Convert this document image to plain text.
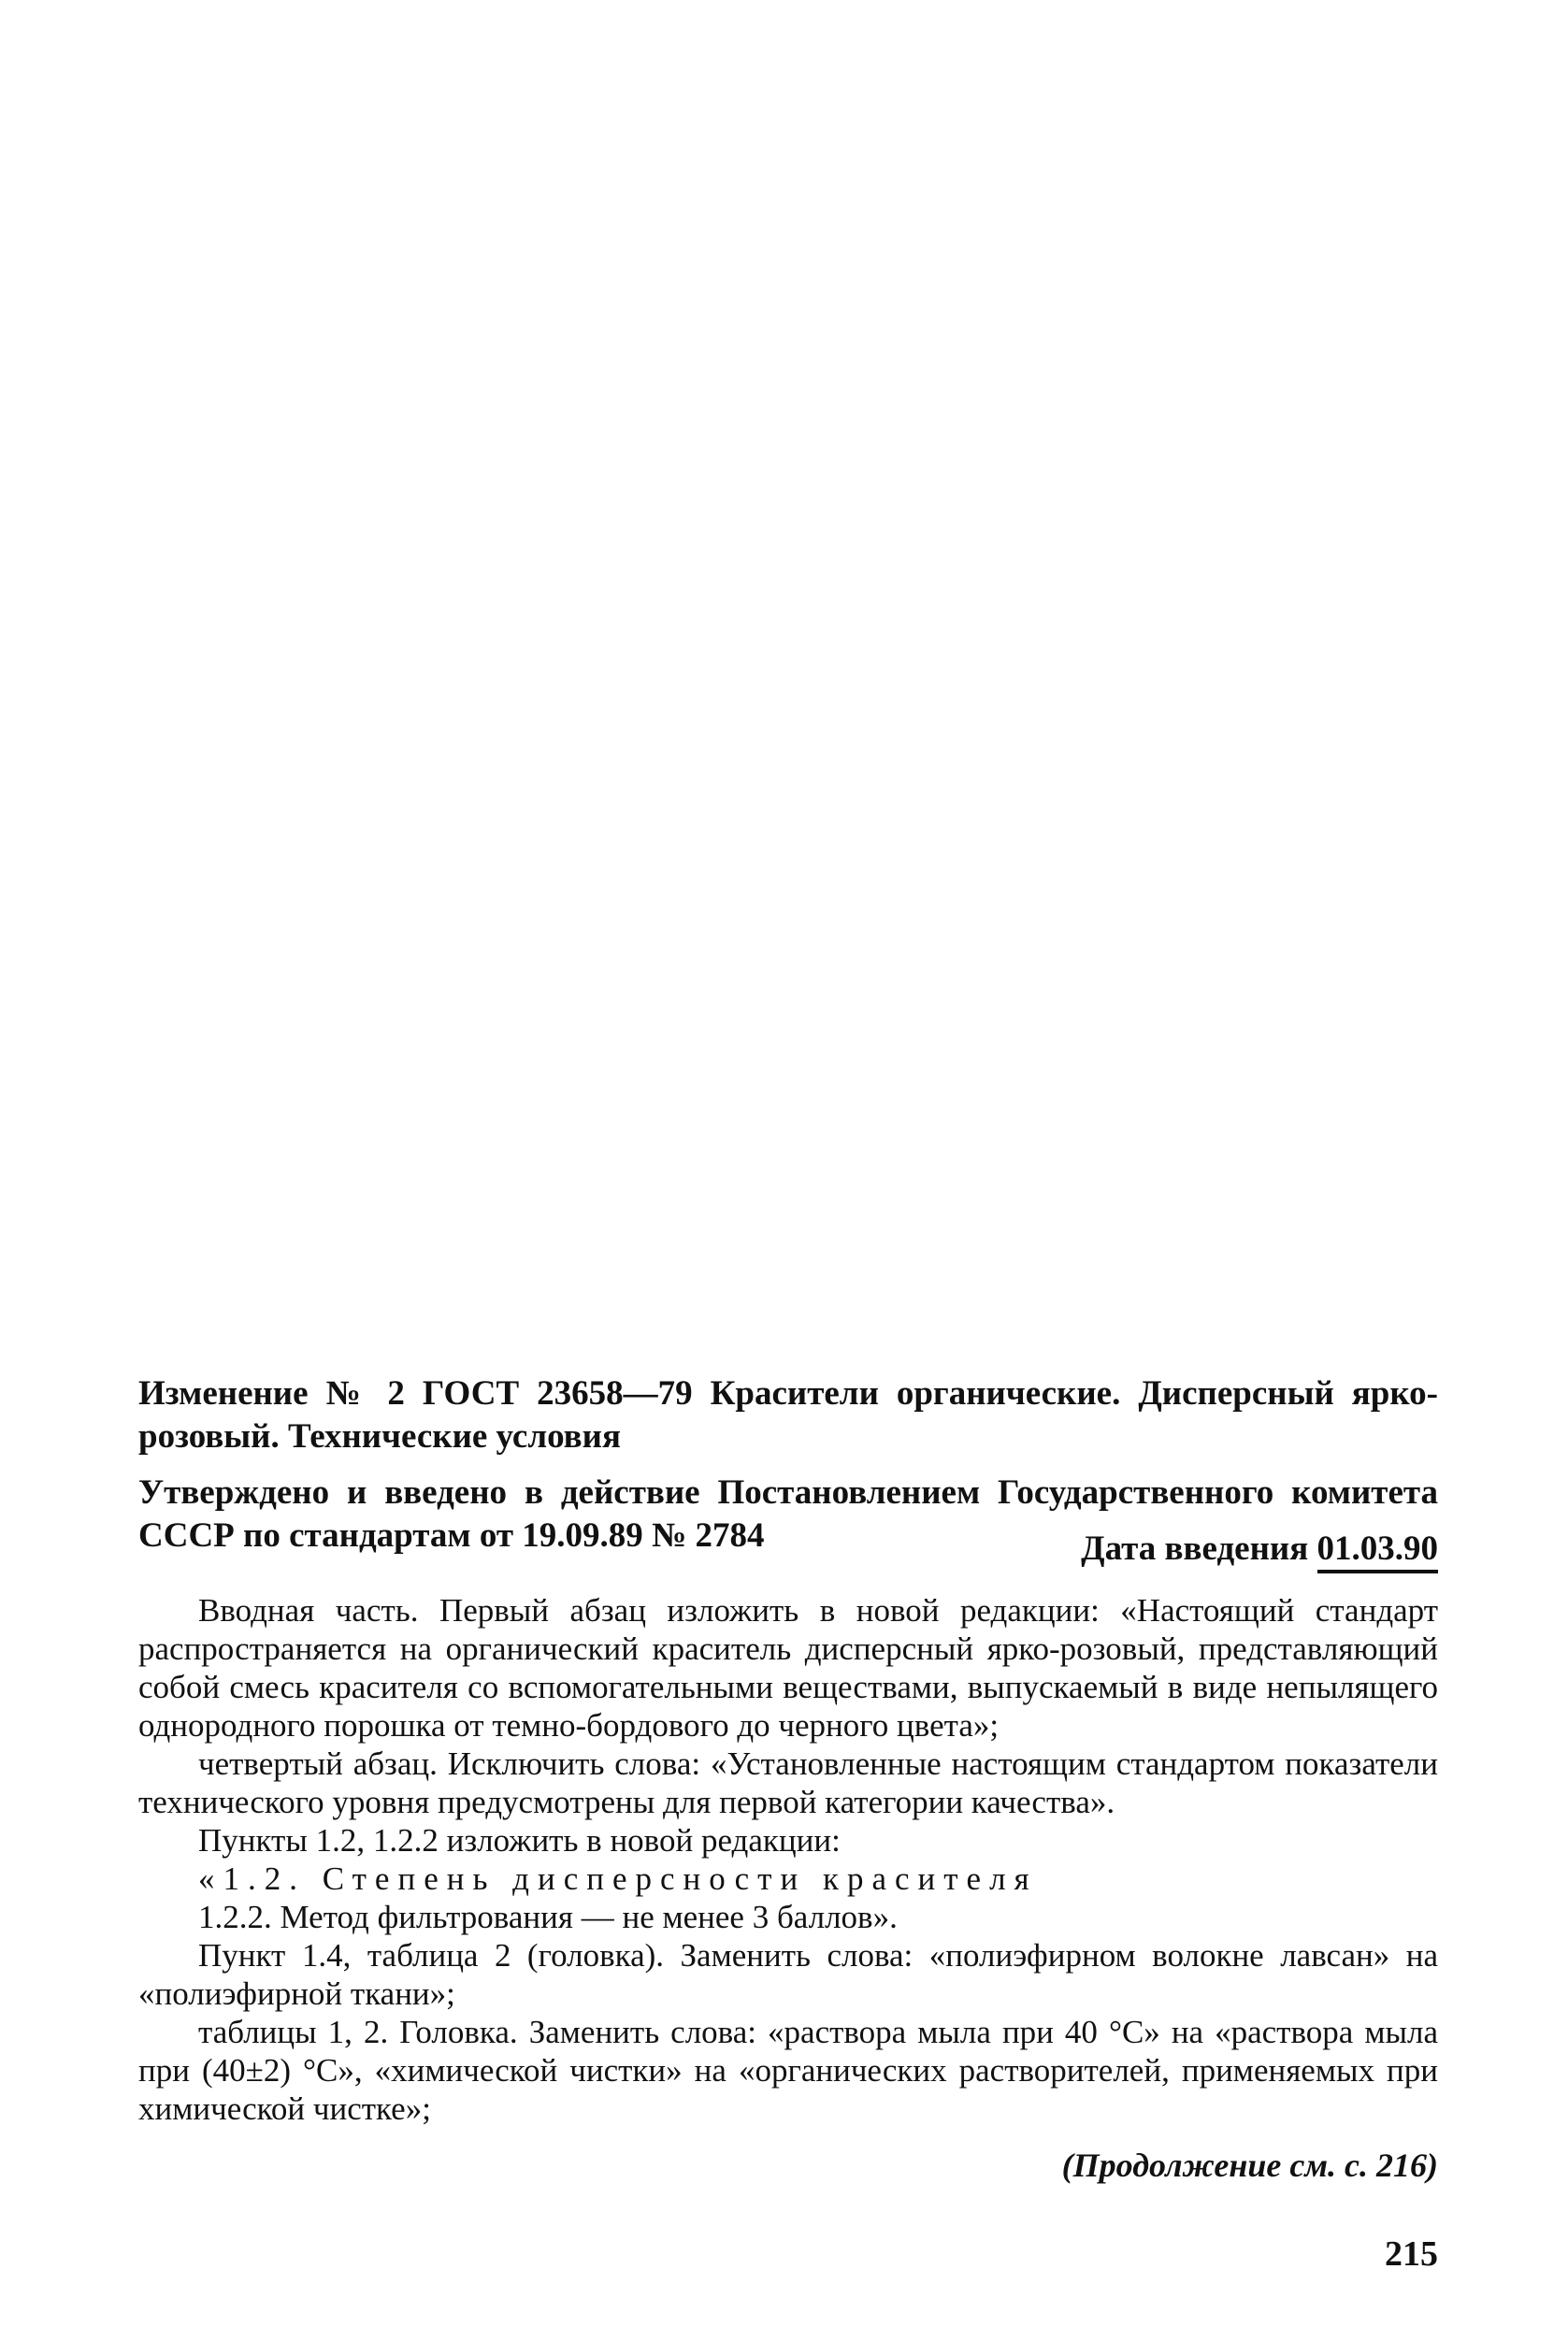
Изменение № 2 ГОСТ 23658—79 Красители органические. Дисперсный ярко-розовый. Технические условия

Утверждено и введено в действие Постановлением Государственного комитета СССР по стандартам от 19.09.89 № 2784	Дата введения 01.03.90

Вводная часть. Первый абзац изложить в новой редакции: «Настоящий стандарт распространяется на органический краситель дисперсный ярко-розовый, представляющий собой смесь красителя со вспомогательными веществами, выпускаемый в виде непылящего однородного порошка от темно-бордового до черного цвета»;

четвертый абзац. Исключить слова: «Установленные настоящим стандартом показатели технического уровня предусмотрены для первой категории качества».

Пункты 1.2, 1.2.2 изложить в новой редакции:

«1.2. Степень дисперсности красителя

1.2.2. Метод фильтрования — не менее 3 баллов».

Пункт 1.4, таблица 2 (головка). Заменить слова: «полиэфирном волокне лавсан» на «полиэфирной ткани»;

таблицы 1, 2. Головка. Заменить слова: «раствора мыла при 40 °С» на «раствора мыла при (40±2) °С», «химической чистки» на «органических растворителей, применяемых при химической чистке»;

(Продолжение см. с. 216)
215
